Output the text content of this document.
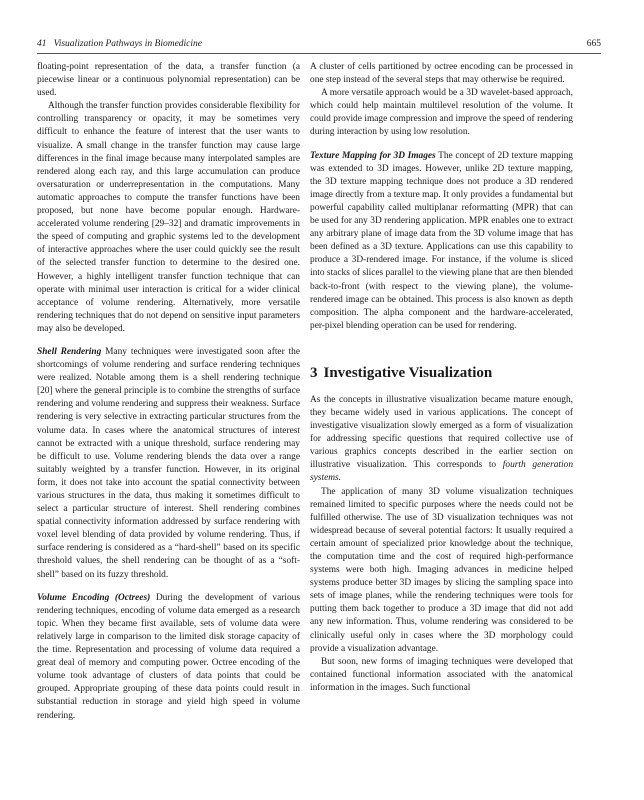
41 Visualization Pathways in Biomedicine	665

floating-point representation of the data, a transfer function (a piecewise linear or a continuous polynomial representation) can be used.

Although the transfer function provides considerable flexibility for controlling transparency or opacity, it may be sometimes very difficult to enhance the feature of interest that the user wants to visualize. A small change in the transfer function may cause large differences in the final image because many interpolated samples are rendered along each ray, and this large accumulation can produce oversaturation or underrepresentation in the computations. Many automatic approaches to compute the transfer functions have been proposed, but none have become popular enough. Hardware-accelerated volume rendering [29–32] and dramatic improvements in the speed of computing and graphic systems led to the development of interactive approaches where the user could quickly see the result of the selected transfer function to determine to the desired one. However, a highly intelligent transfer function technique that can operate with minimal user interaction is critical for a wider clinical acceptance of volume rendering. Alternatively, more versatile rendering techniques that do not depend on sensitive input parameters may also be developed.

Shell Rendering Many techniques were investigated soon after the shortcomings of volume rendering and surface rendering techniques were realized. Notable among them is a shell rendering technique [20] where the general principle is to combine the strengths of surface rendering and volume rendering and suppress their weakness. Surface rendering is very selective in extracting particular structures from the volume data. In cases where the anatomical structures of interest cannot be extracted with a unique threshold, surface rendering may be difficult to use. Volume rendering blends the data over a range suitably weighted by a transfer function. However, in its original form, it does not take into account the spatial connectivity between various structures in the data, thus making it sometimes difficult to select a particular structure of interest. Shell rendering combines spatial connectivity information addressed by surface rendering with voxel level blending of data provided by volume rendering. Thus, if surface rendering is considered as a “hard-shell” based on its specific threshold values, the shell rendering can be thought of as a “soft-shell” based on its fuzzy threshold.

Volume Encoding (Octrees) During the development of various rendering techniques, encoding of volume data emerged as a research topic. When they became first available, sets of volume data were relatively large in comparison to the limited disk storage capacity of the time. Representation and processing of volume data required a great deal of memory and computing power. Octree encoding of the volume took advantage of clusters of data points that could be grouped. Appropriate grouping of these data points could result in substantial reduction in storage and yield high speed in volume rendering.

A cluster of cells partitioned by octree encoding can be processed in one step instead of the several steps that may otherwise be required.

A more versatile approach would be a 3D wavelet-based approach, which could help maintain multilevel resolution of the volume. It could provide image compression and improve the speed of rendering during interaction by using low resolution.

Texture Mapping for 3D Images The concept of 2D texture mapping was extended to 3D images. However, unlike 2D texture mapping, the 3D texture mapping technique does not produce a 3D rendered image directly from a texture map. It only provides a fundamental but powerful capability called multiplanar reformatting (MPR) that can be used for any 3D rendering application. MPR enables one to extract any arbitrary plane of image data from the 3D volume image that has been defined as a 3D texture. Applications can use this capability to produce a 3D-rendered image. For instance, if the volume is sliced into stacks of slices parallel to the viewing plane that are then blended back-to-front (with respect to the viewing plane), the volume-rendered image can be obtained. This process is also known as depth composition. The alpha component and the hardware-accelerated, per-pixel blending operation can be used for rendering.

3 Investigative Visualization

As the concepts in illustrative visualization became mature enough, they became widely used in various applications. The concept of investigative visualization slowly emerged as a form of visualization for addressing specific questions that required collective use of various graphics concepts described in the earlier section on illustrative visualization. This corresponds to fourth generation systems.

The application of many 3D volume visualization techniques remained limited to specific purposes where the needs could not be fulfilled otherwise. The use of 3D visualization techniques was not widespread because of several potential factors: It usually required a certain amount of specialized prior knowledge about the technique, the computation time and the cost of required high-performance systems were both high. Imaging advances in medicine helped systems produce better 3D images by slicing the sampling space into sets of image planes, while the rendering techniques were tools for putting them back together to produce a 3D image that did not add any new information. Thus, volume rendering was considered to be clinically useful only in cases where the 3D morphology could provide a visualization advantage.

But soon, new forms of imaging techniques were developed that contained functional information associated with the anatomical information in the images. Such functional
